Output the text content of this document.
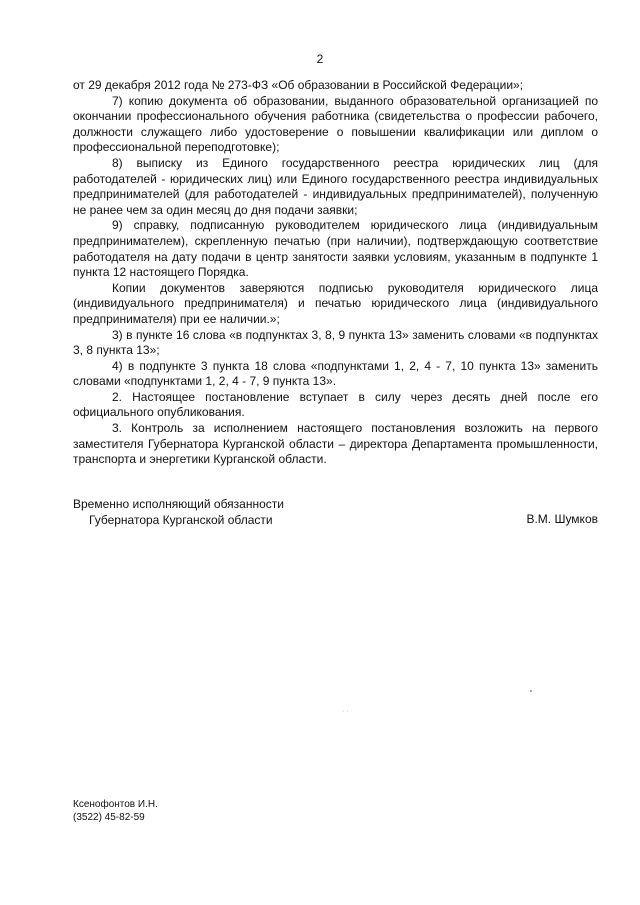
2

от 29 декабря 2012 года № 273-ФЗ «Об образовании в Российской Федерации»;

7) копию документа об образовании, выданного образовательной организацией по окончании профессионального обучения работника (свидетельства о профессии рабочего, должности служащего либо удостоверение о повышении квалификации или диплом о профессиональной переподготовке);

8) выписку из Единого государственного реестра юридических лиц (для работодателей - юридических лиц) или Единого государственного реестра индивидуальных предпринимателей (для работодателей - индивидуальных предпринимателей), полученную не ранее чем за один месяц до дня подачи заявки;

9) справку, подписанную руководителем юридического лица (индивидуальным предпринимателем), скрепленную печатью (при наличии), подтверждающую соответствие работодателя на дату подачи в центр занятости заявки условиям, указанным в подпункте 1 пункта 12 настоящего Порядка.

Копии документов заверяются подписью руководителя юридического лица (индивидуального предпринимателя) и печатью юридического лица (индивидуального предпринимателя) при ее наличии.»;

3) в пункте 16 слова «в подпунктах 3, 8, 9 пункта 13» заменить словами «в подпунктах 3, 8 пункта 13»;

4) в подпункте 3 пункта 18 слова «подпунктами 1, 2, 4 - 7, 10 пункта 13» заменить словами «подпунктами 1, 2, 4 - 7, 9 пункта 13».

2. Настоящее постановление вступает в силу через десять дней после его официального опубликования.

3. Контроль за исполнением настоящего постановления возложить на первого заместителя Губернатора Курганской области – директора Департамента промышленности, транспорта и энергетики Курганской области.

Временно исполняющий обязанности
Губернатора Курганской области	В.М. Шумков
· ·
Ксенофонтов И.Н.
(3522) 45-82-59
